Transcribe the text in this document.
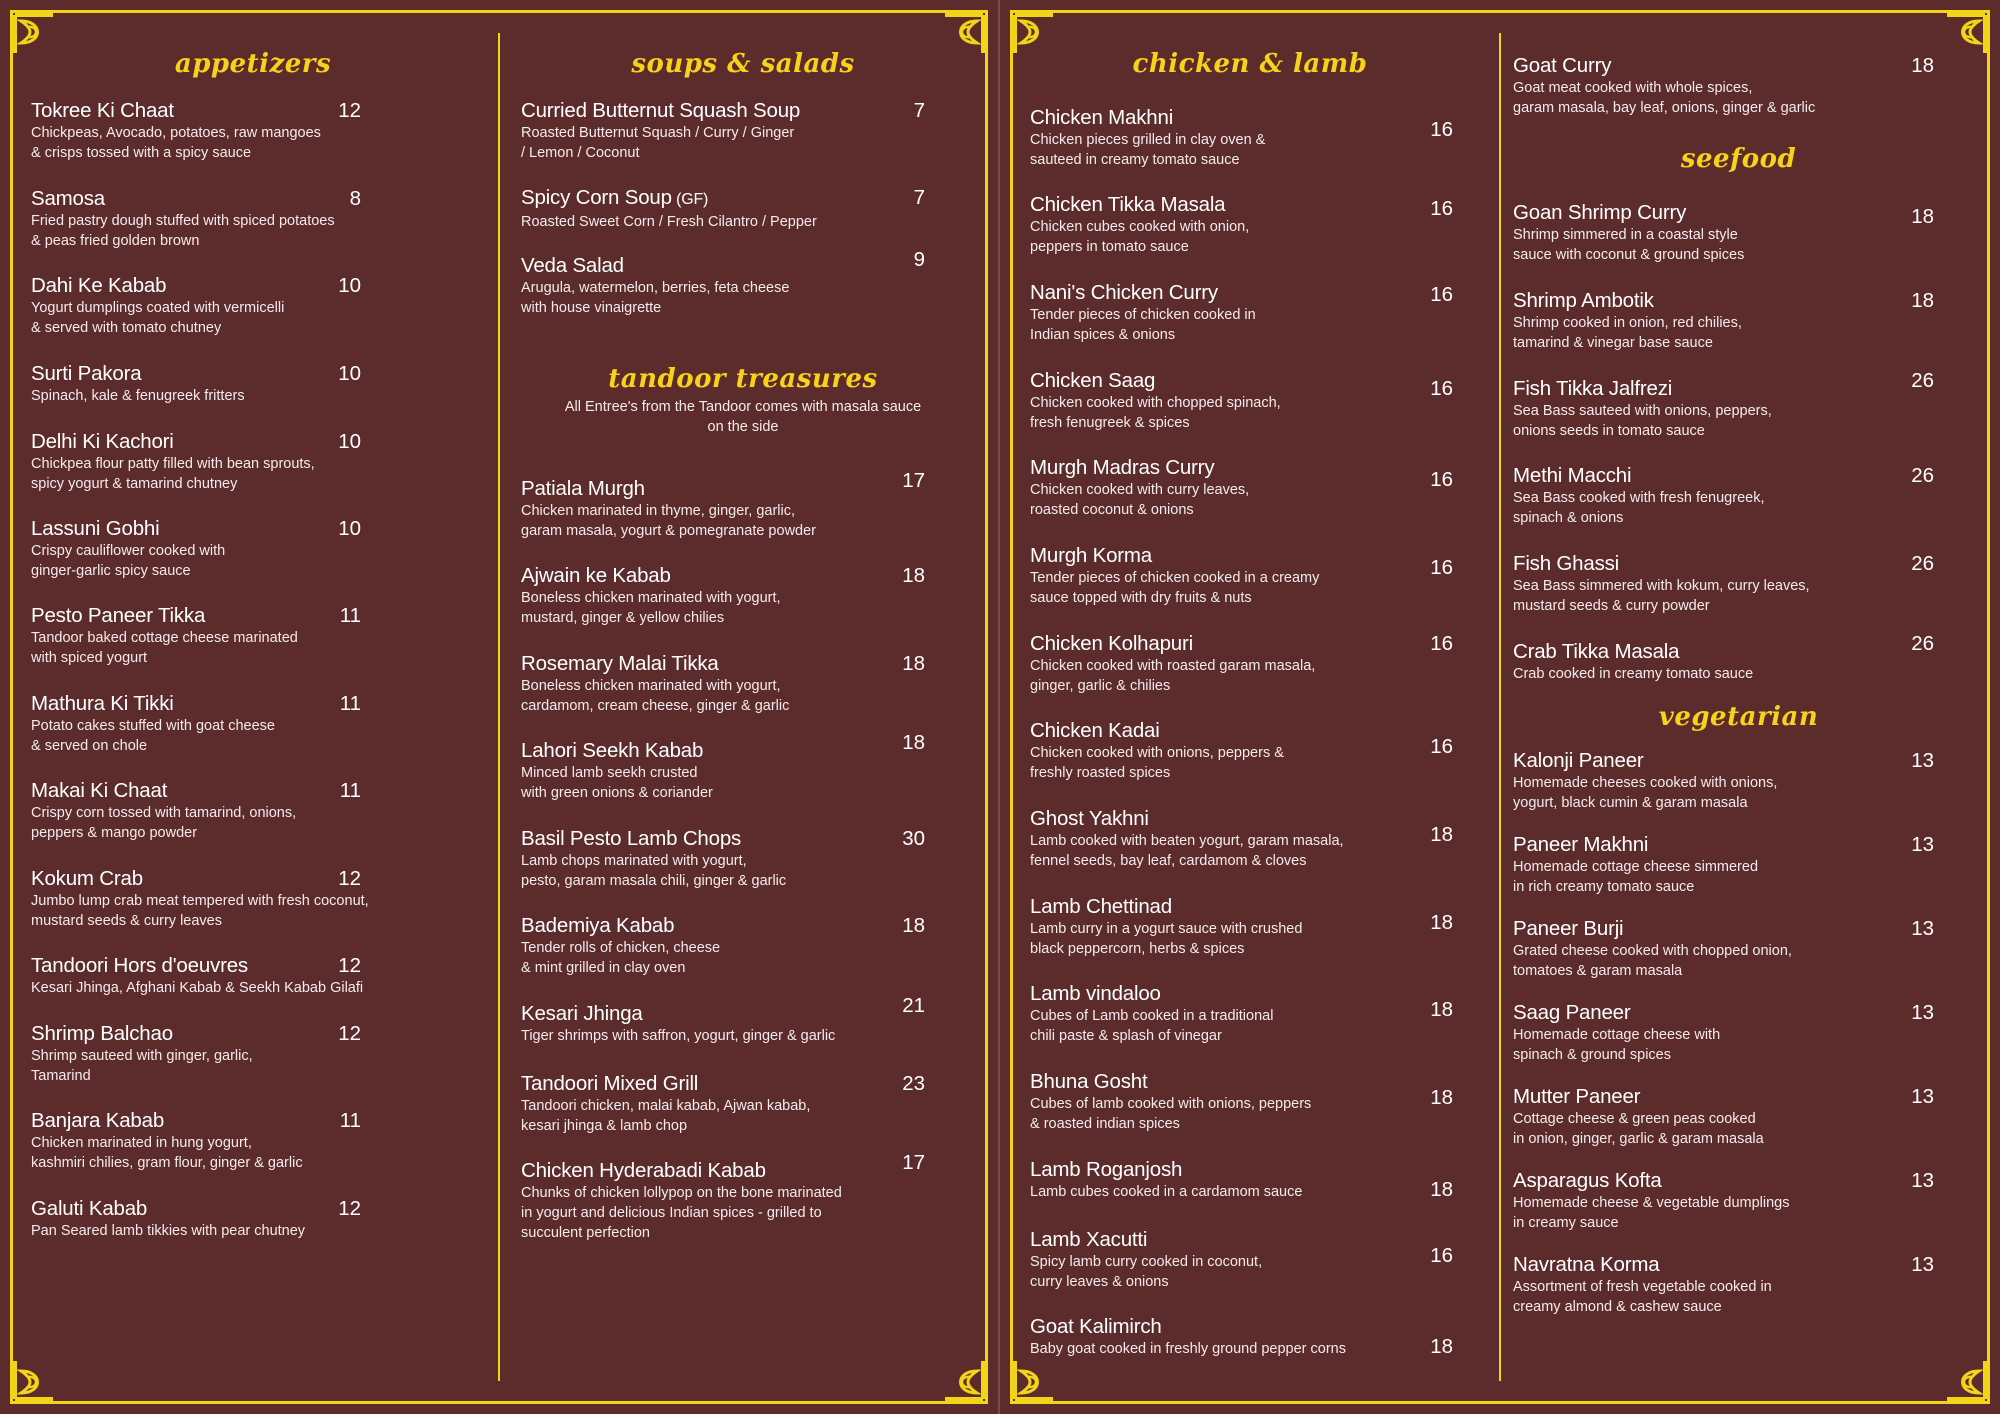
appetizers
Tokree Ki Chaat
Chickpeas, Avocado, potatoes, raw mangoes
& crisps tossed with a spicy sauce
12
Samosa
Fried pastry dough stuffed with spiced potatoes
& peas fried golden brown
8
Dahi Ke Kabab
Yogurt dumplings coated with vermicelli
& served with tomato chutney
10
Surti Pakora
Spinach, kale & fenugreek fritters
10
Delhi Ki Kachori
Chickpea flour patty filled with bean sprouts,
spicy yogurt & tamarind chutney
10
Lassuni Gobhi
Crispy cauliflower cooked with
ginger-garlic spicy sauce
10
Pesto Paneer Tikka
Tandoor baked cottage cheese marinated
with spiced yogurt
11
Mathura Ki Tikki
Potato cakes stuffed with goat cheese
& served on chole
11
Makai Ki Chaat
Crispy corn tossed with tamarind, onions,
peppers & mango powder
11
Kokum Crab
Jumbo lump crab meat tempered with fresh coconut,
mustard seeds & curry leaves
12
Tandoori Hors d'oeuvres
Kesari Jhinga, Afghani Kabab & Seekh Kabab Gilafi
12
Shrimp Balchao
Shrimp sauteed with ginger, garlic,
Tamarind
12
Banjara Kabab
Chicken marinated in hung yogurt,
kashmiri chilies, gram flour, ginger & garlic
11
Galuti Kabab
Pan Seared lamb tikkies with pear chutney
12
soups & salads
Curried Butternut Squash Soup
Roasted Butternut Squash / Curry / Ginger
/ Lemon / Coconut
7
Spicy Corn Soup (GF)
Roasted Sweet Corn / Fresh Cilantro / Pepper
7
Veda Salad
Arugula, watermelon, berries, feta cheese
with house vinaigrette
9
tandoor treasures
All Entree's from the Tandoor comes with masala sauce
on the side
Patiala Murgh
Chicken marinated in thyme, ginger, garlic,
garam masala, yogurt & pomegranate powder
17
Ajwain ke Kabab
Boneless chicken marinated with yogurt,
mustard, ginger & yellow chilies
18
Rosemary Malai Tikka
Boneless chicken marinated with yogurt,
cardamom, cream cheese, ginger & garlic
18
Lahori Seekh Kabab
Minced lamb seekh crusted
with green onions & coriander
18
Basil Pesto Lamb Chops
Lamb chops marinated with yogurt,
pesto, garam masala chili, ginger & garlic
30
Bademiya Kabab
Tender rolls of chicken, cheese
& mint grilled in clay oven
18
Kesari Jhinga
Tiger shrimps with saffron, yogurt, ginger & garlic
21
Tandoori Mixed Grill
Tandoori chicken, malai kabab, Ajwan kabab,
kesari jhinga & lamb chop
23
Chicken Hyderabadi Kabab
Chunks of chicken lollypop on the bone marinated
in yogurt and delicious Indian spices - grilled to
succulent perfection
17
chicken & lamb
Chicken Makhni
Chicken pieces grilled in clay oven &
sauteed in creamy tomato sauce
16
Chicken Tikka Masala
Chicken cubes cooked with onion,
peppers in tomato sauce
16
Nani's Chicken Curry
Tender pieces of chicken cooked in
Indian spices & onions
16
Chicken Saag
Chicken cooked with chopped spinach,
fresh fenugreek & spices
16
Murgh Madras Curry
Chicken cooked with curry leaves,
roasted coconut & onions
16
Murgh Korma
Tender pieces of chicken cooked in a creamy
sauce topped with dry fruits & nuts
16
Chicken Kolhapuri
Chicken cooked with roasted garam masala,
ginger, garlic & chilies
16
Chicken Kadai
Chicken cooked with onions, peppers &
freshly roasted spices
16
Ghost Yakhni
Lamb cooked with beaten yogurt, garam masala,
fennel seeds, bay leaf, cardamom & cloves
18
Lamb Chettinad
Lamb curry in a yogurt sauce with crushed
black peppercorn, herbs & spices
18
Lamb vindaloo
Cubes of Lamb cooked in a traditional
chili paste & splash of vinegar
18
Bhuna Gosht
Cubes of lamb cooked with onions, peppers
& roasted indian spices
18
Lamb Roganjosh
Lamb cubes cooked in a cardamom sauce	18
Lamb Xacutti
Spicy lamb curry cooked in coconut,
curry leaves & onions
16
Goat Kalimirch
Baby goat cooked in freshly ground pepper corns	18
Goat Curry
Goat meat cooked with whole spices,
garam masala, bay leaf, onions, ginger & garlic
18
seefood
Goan Shrimp Curry
Shrimp simmered in a coastal style
sauce with coconut & ground spices
18
Shrimp Ambotik
Shrimp cooked in onion, red chilies,
tamarind & vinegar base sauce
18
Fish Tikka Jalfrezi
Sea Bass sauteed with onions, peppers,
onions seeds in tomato sauce
26
Methi Macchi
Sea Bass cooked with fresh fenugreek,
spinach & onions
26
Fish Ghassi
Sea Bass simmered with kokum, curry leaves,
mustard seeds & curry powder
26
Crab Tikka Masala
Crab cooked in creamy tomato sauce
26
vegetarian
Kalonji Paneer
Homemade cheeses cooked with onions,
yogurt, black cumin & garam masala
13
Paneer Makhni
Homemade cottage cheese simmered
in rich creamy tomato sauce
13
Paneer Burji
Grated cheese cooked with chopped onion,
tomatoes & garam masala
13
Saag Paneer
Homemade cottage cheese with
spinach & ground spices
13
Mutter Paneer
Cottage cheese & green peas cooked
in onion, ginger, garlic & garam masala
13
Asparagus Kofta
Homemade cheese & vegetable dumplings
in creamy sauce
13
Navratna Korma
Assortment of fresh vegetable cooked in
creamy almond & cashew sauce
13
